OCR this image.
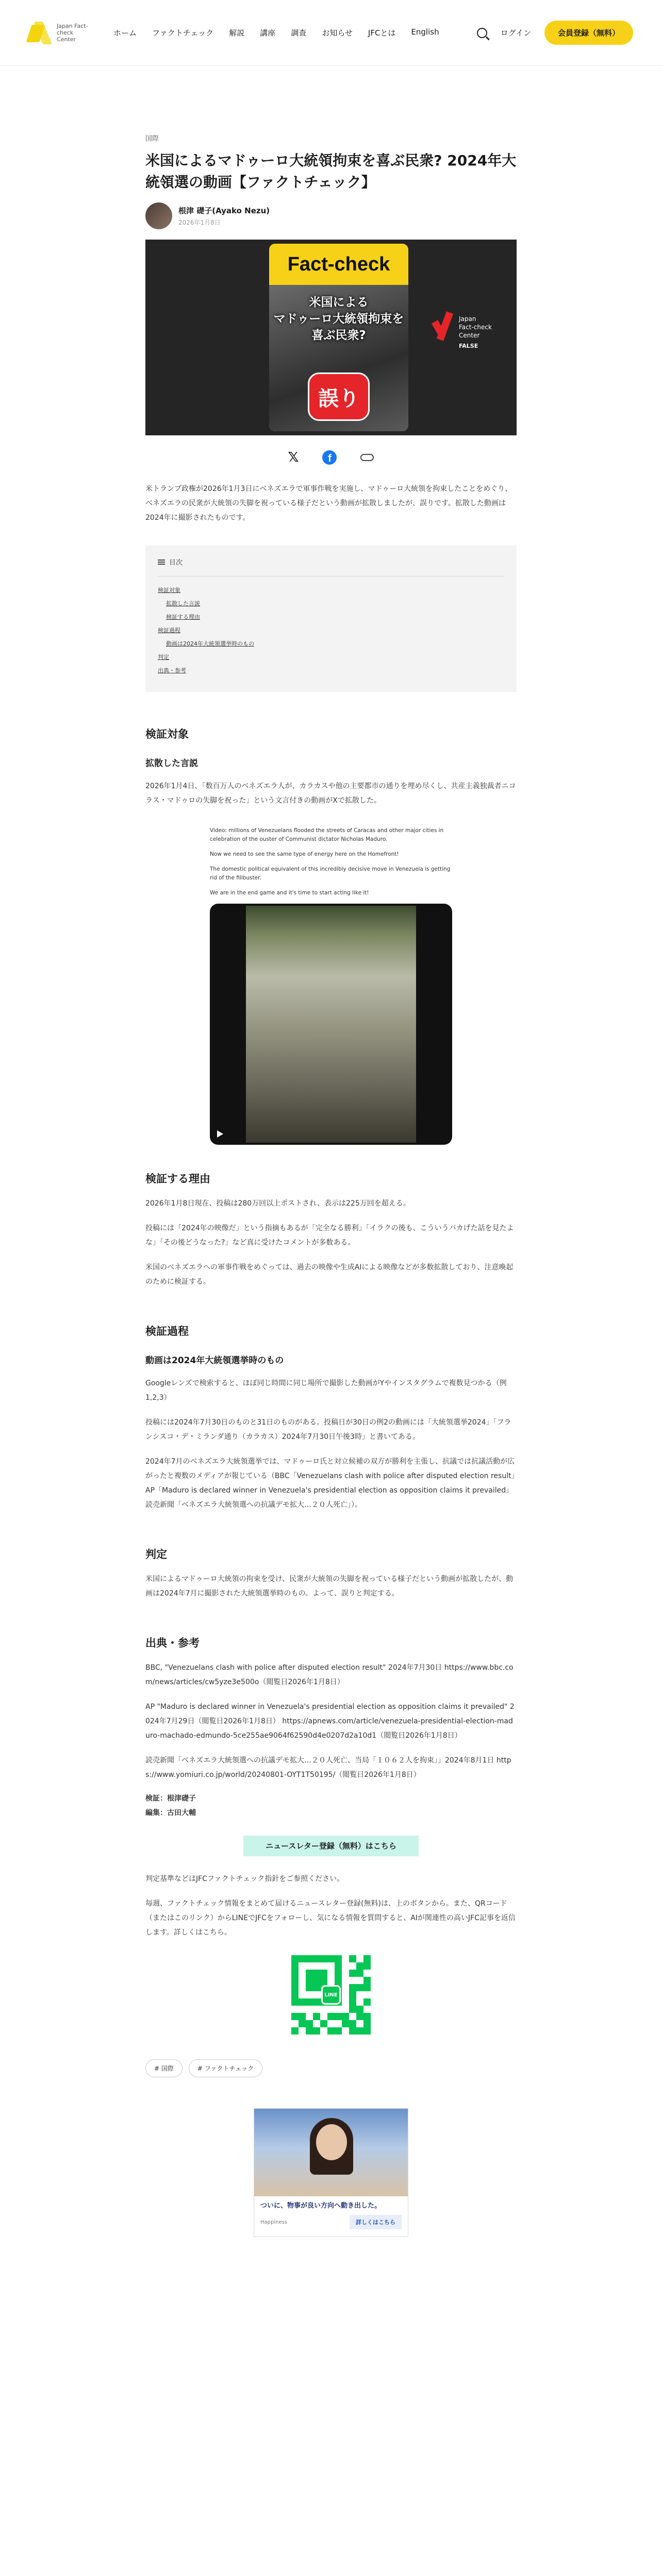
Japan Fact-check Center
ホーム ファクトチェック 解説 講座 調査 お知らせ JFCとは English	ログイン	会員登録（無料）
国際
米国によるマドゥーロ大統領拘束を喜ぶ民衆? 2024年大統領選の動画【ファクトチェック】
根津 礎子(Ayako Nezu)
2026年1月8日
Fact-check
米国による
マドゥーロ大統領拘束を
喜ぶ民衆?
誤り
Japan
Fact-check
Center
FALSE
𝕏	f

米トランプ政権が2026年1月3日にベネズエラで軍事作戦を実施し、マドゥーロ大統領を拘束したことをめぐり、ベネズエラの民衆が大統領の失脚を祝っている様子だという動画が拡散しましたが、誤りです。拡散した動画は2024年に撮影されたものです。

目次
検証対象
拡散した言説
検証する理由
検証過程
動画は2024年大統領選挙時のもの
判定
出典・参考
検証対象
拡散した言説

2026年1月4日、「数百万人のベネズエラ人が、カラカスや他の主要都市の通りを埋め尽くし、共産主義独裁者ニコラス・マドゥロの失脚を祝った」という文言付きの動画がXで拡散した。

Video: millions of Venezuelans flooded the streets of Caracas and other major cities in celebration of the ouster of Communist dictator Nicholas Maduro.

Now we need to see the same type of energy here on the Homefront!

The domestic political equivalent of this incredibly decisive move in Venezuela is getting rid of the filibuster.

We are in the end game and it's time to start acting like it!

検証する理由

2026年1月8日現在、投稿は280万回以上ポストされ、表示は225万回を超える。

投稿には「2024年の映像だ」という指摘もあるが「完全なる勝利」「イラクの後も、こういうバカげた話を見たよな」「その後どうなった?」など真に受けたコメントが多数ある。

米国のベネズエラへの軍事作戦をめぐっては、過去の映像や生成AIによる映像などが多数拡散しており、注意喚起のために検証する。

検証過程
動画は2024年大統領選挙時のもの

Googleレンズで検索すると、ほぼ同じ時間に同じ場所で撮影した動画がYやインスタグラムで複数見つかる（例1,2,3）

投稿には2024年7月30日のものと31日のものがある。投稿日が30日の例2の動画には「大統領選挙2024」「フランシスコ・デ・ミランダ通り（カラカス）2024年7月30日午後3時」と書いてある。

2024年7月のベネズエラ大統領選挙では、マドゥーロ氏と対立候補の双方が勝利を主張し、抗議では抗議活動が広がったと複数のメディアが報じている（BBC「Venezuelans clash with police after disputed election result」AP「Maduro is declared winner in Venezuela's presidential election as opposition claims it prevailed」読売新聞「ベネズエラ大統領選への抗議デモ拡大…２０人死亡」）。

判定

米国によるマドゥーロ大統領の拘束を受け、民衆が大統領の失脚を祝っている様子だという動画が拡散したが、動画は2024年7月に撮影された大統領選挙時のもの。よって、誤りと判定する。

出典・参考

BBC, "Venezuelans clash with police after disputed election result" 2024年7月30日 https://www.bbc.com/news/articles/cw5yze3e500o（閲覧日2026年1月8日）

AP "Maduro is declared winner in Venezuela's presidential election as opposition claims it prevailed" 2024年7月29日（閲覧日2026年1月8日） https://apnews.com/article/venezuela-presidential-election-maduro-machado-edmundo-5ce255ae9064f62590d4e0207d2a10d1（閲覧日2026年1月8日）

読売新聞「ベネズエラ大統領選への抗議デモ拡大…２０人死亡、当局「１０６２人を拘束」」2024年8月1日 https://www.yomiuri.co.jp/world/20240801-OYT1T50195/（閲覧日2026年1月8日）

検証：根津礎子

編集：古田大輔

ニュースレター登録（無料）はこちら

判定基準などはJFCファクトチェック指針をご参照ください。

毎週、ファクトチェック情報をまとめて届けるニュースレター登録(無料)は、上のボタンから。また、QRコード（またはこのリンク）からLINEでJFCをフォローし、気になる情報を質問すると、AIが関連性の高いJFC記事を返信します。詳しくはこちら。

LINE
# 国際	# ファクトチェック
ついに、物事が良い方向へ動き出した。
Happiness	詳しくはこちら
